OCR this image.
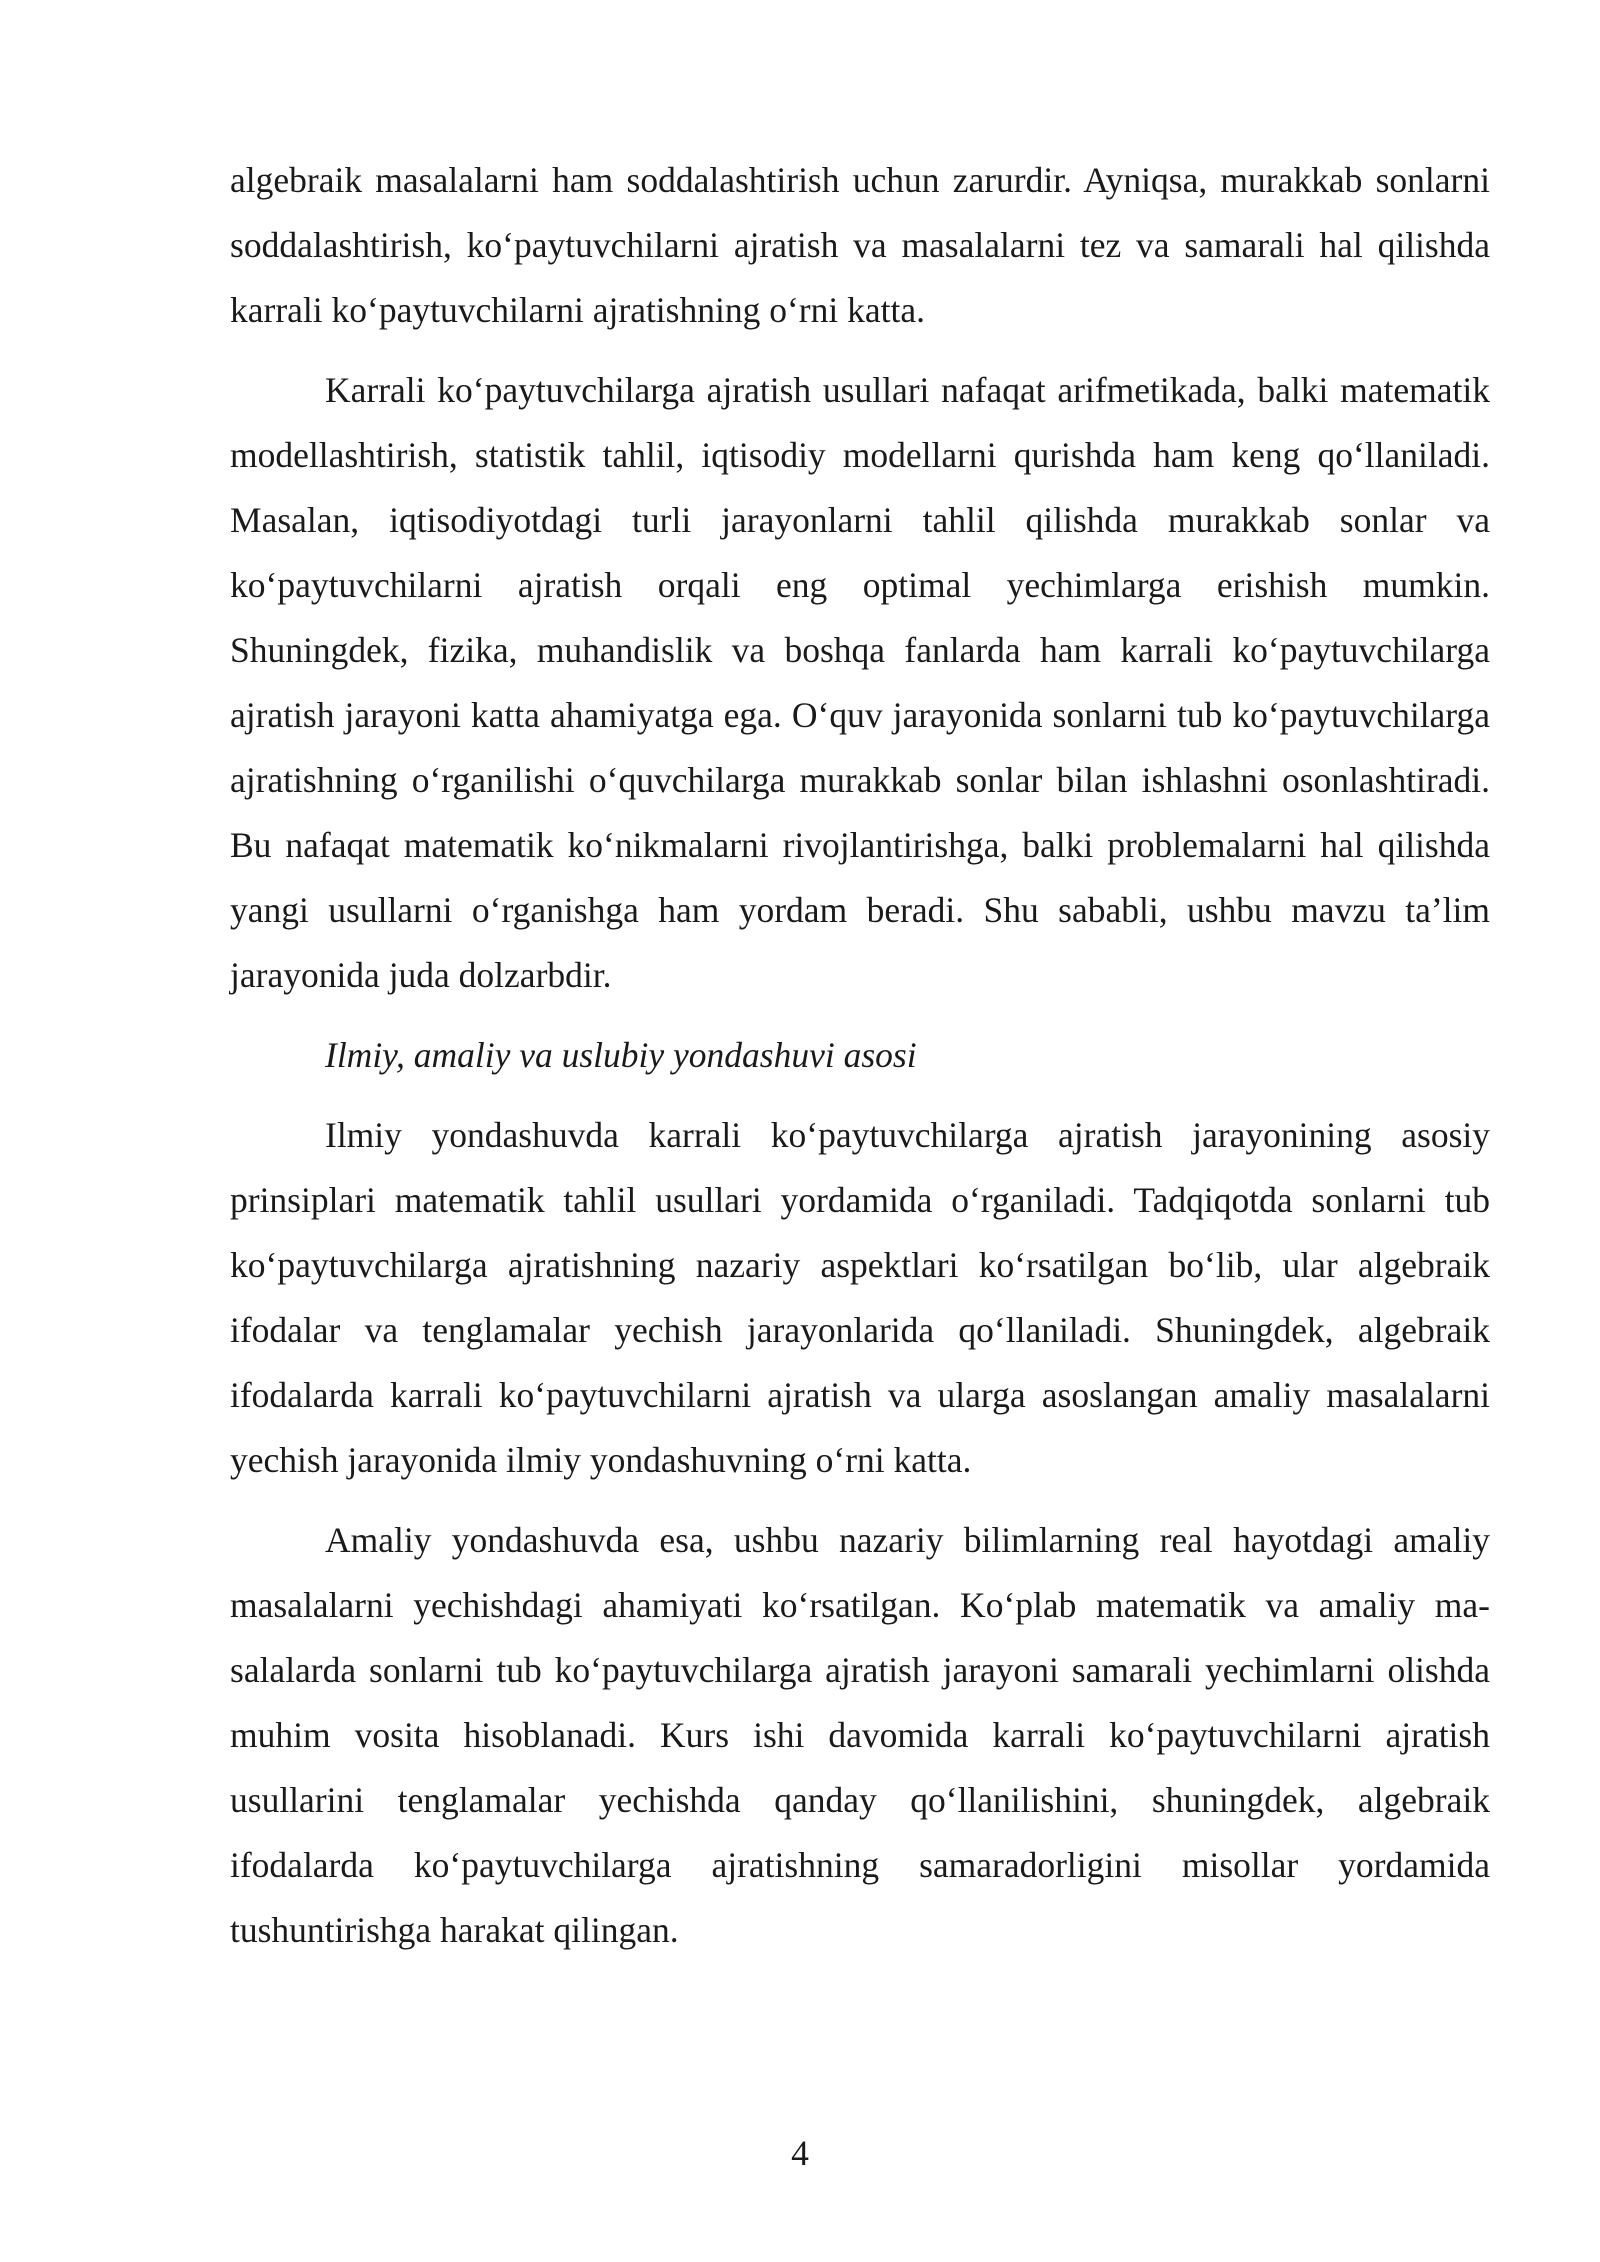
algebraik masalalarni ham soddalashtirish uchun zarurdir. Ayniqsa, murakkab sonlarni soddalashtirish, ko‘paytuvchilarni ajratish va masalalarni tez va samarali hal qilishda karrali ko‘paytuvchilarni ajratishning o‘rni katta.

Karrali ko‘paytuvchilarga ajratish usullari nafaqat arifmetikada, balki matematik modellashtirish, statistik tahlil, iqtisodiy modellarni qurishda ham keng qo‘llaniladi. Masalan, iqtisodiyotdagi turli jarayonlarni tahlil qilishda murakkab sonlar va ko‘paytuvchilarni ajratish orqali eng optimal yechimlarga erishish mumkin. Shuningdek, fizika, muhandislik va boshqa fanlarda ham karrali ko‘paytuvchilarga ajratish jarayoni katta ahamiyatga ega. O‘quv jarayonida sonlarni tub ko‘paytuvchilarga ajratishning o‘rganilishi o‘quvchilarga murakkab sonlar bilan ishlashni osonlashtiradi. Bu nafaqat matematik ko‘nikmalarni rivojlantirishga, balki problemalarni hal qilishda yangi usullarni o‘rganishga ham yordam beradi. Shu sababli, ushbu mavzu ta’lim jarayonida juda dolzarbdir.

Ilmiy, amaliy va uslubiy yondashuvi asosi

Ilmiy yondashuvda karrali ko‘paytuvchilarga ajratish jarayonining asosiy prinsiplari matematik tahlil usullari yordamida o‘rganiladi. Tadqiqotda sonlarni tub ko‘paytuvchilarga ajratishning nazariy aspektlari ko‘rsatilgan bo‘lib, ular algebraik ifodalar va tenglamalar yechish jarayonlarida qo‘llaniladi. Shuningdek, algebraik ifodalarda karrali ko‘paytuvchilarni ajratish va ularga asoslangan amaliy masalalarni yechish jarayonida ilmiy yondashuvning o‘rni katta.

Amaliy yondashuvda esa, ushbu nazariy bilimlarning real hayotdagi amaliy masalalarni yechishdagi ahamiyati ko‘rsatilgan. Ko‘plab matematik va amaliy masalalarda sonlarni tub ko‘paytuvchilarga ajratish jarayoni samarali yechimlarni olishda muhim vosita hisoblanadi. Kurs ishi davomida karrali ko‘paytuvchilarni ajratish usullarini tenglamalar yechishda qanday qo‘llanilishini, shuningdek, algebraik ifodalarda ko‘paytuvchilarga ajratishning samaradorligini misollar yordamida tushuntirishga harakat qilingan.

4
